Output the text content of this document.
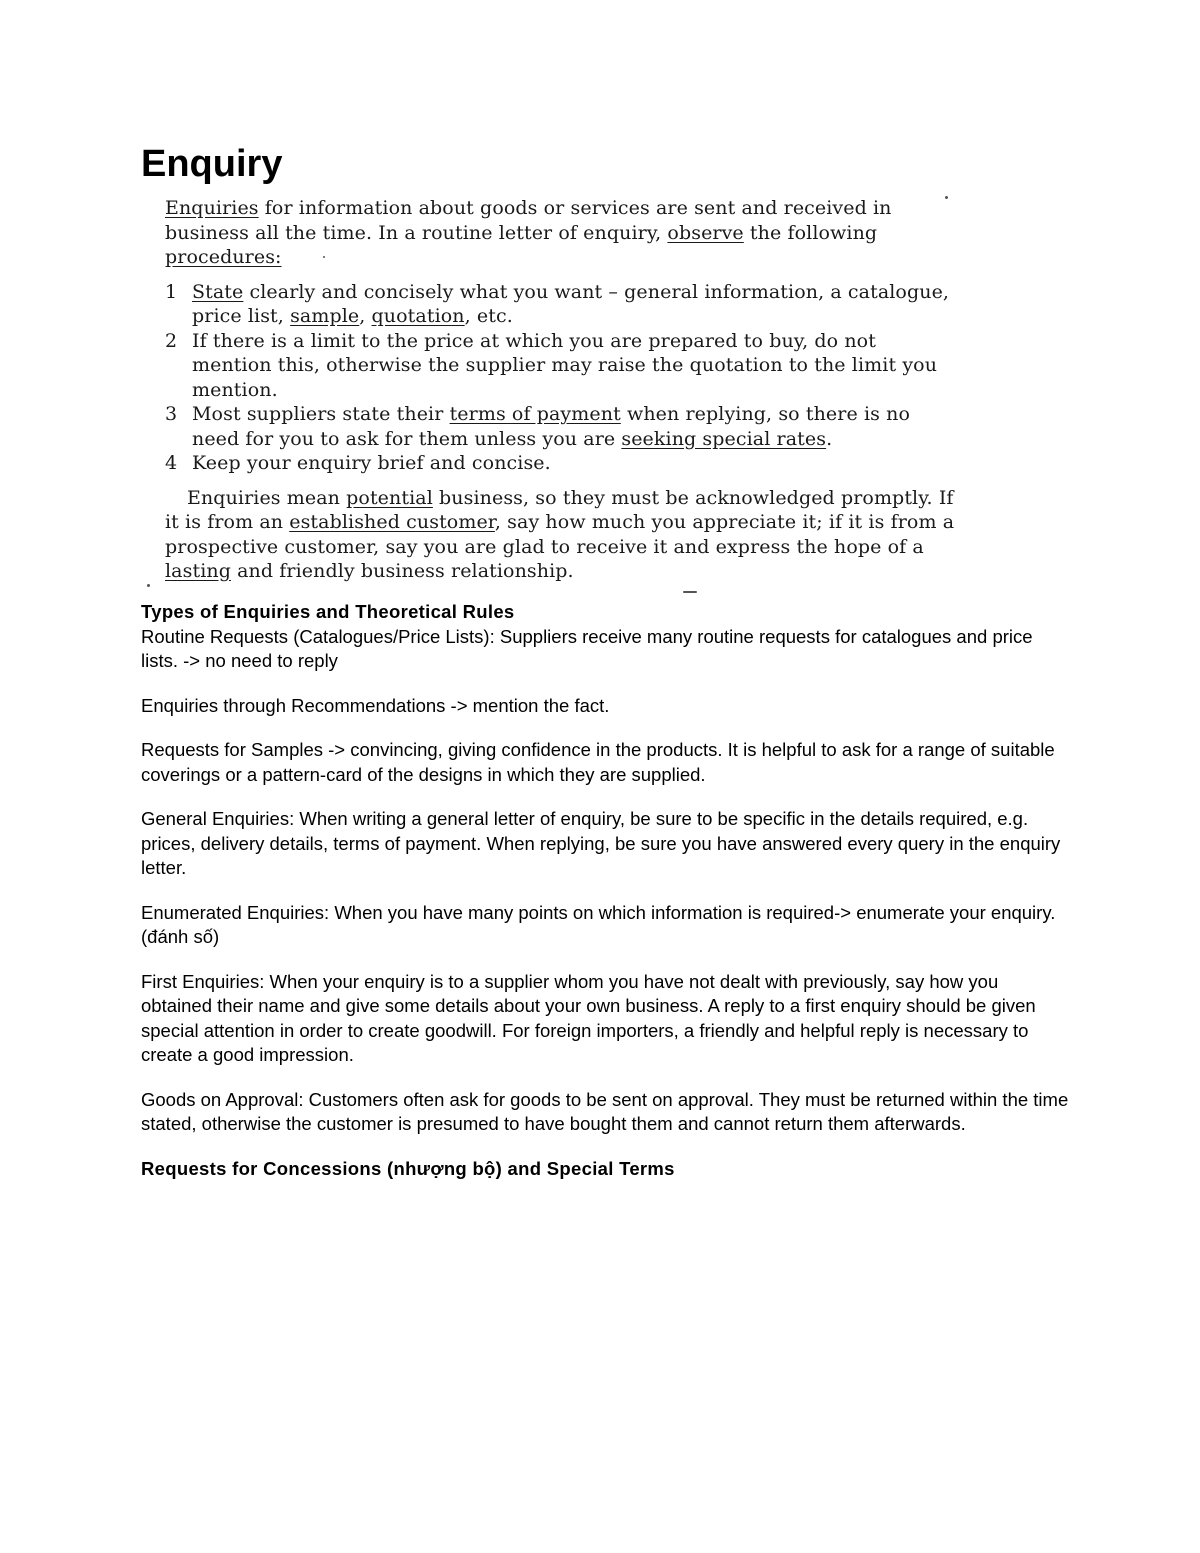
Enquiry

Enquiries for information about goods or services are sent and received in business all the time. In a routine letter of enquiry, observe the following procedures:

1 State clearly and concisely what you want – general information, a catalogue, price list, sample, quotation, etc.
2 If there is a limit to the price at which you are prepared to buy, do not mention this, otherwise the supplier may raise the quotation to the limit you mention.
3 Most suppliers state their terms of payment when replying, so there is no need for you to ask for them unless you are seeking special rates.
4 Keep your enquiry brief and concise.

Enquiries mean potential business, so they must be acknowledged promptly. If it is from an established customer, say how much you appreciate it; if it is from a prospective customer, say you are glad to receive it and express the hope of a lasting and friendly business relationship.

Types of Enquiries and Theoretical Rules

Routine Requests (Catalogues/Price Lists): Suppliers receive many routine requests for catalogues and price lists. -> no need to reply

Enquiries through Recommendations -> mention the fact.

Requests for Samples -> convincing, giving confidence in the products. It is helpful to ask for a range of suitable coverings or a pattern-card of the designs in which they are supplied.

General Enquiries: When writing a general letter of enquiry, be sure to be specific in the details required, e.g. prices, delivery details, terms of payment. When replying, be sure you have answered every query in the enquiry letter.

Enumerated Enquiries: When you have many points on which information is required-> enumerate your enquiry. (đánh số)

First Enquiries: When your enquiry is to a supplier whom you have not dealt with previously, say how you obtained their name and give some details about your own business. A reply to a first enquiry should be given special attention in order to create goodwill. For foreign importers, a friendly and helpful reply is necessary to create a good impression.

Goods on Approval: Customers often ask for goods to be sent on approval. They must be returned within the time stated, otherwise the customer is presumed to have bought them and cannot return them afterwards.

Requests for Concessions (nhượng bộ) and Special Terms
